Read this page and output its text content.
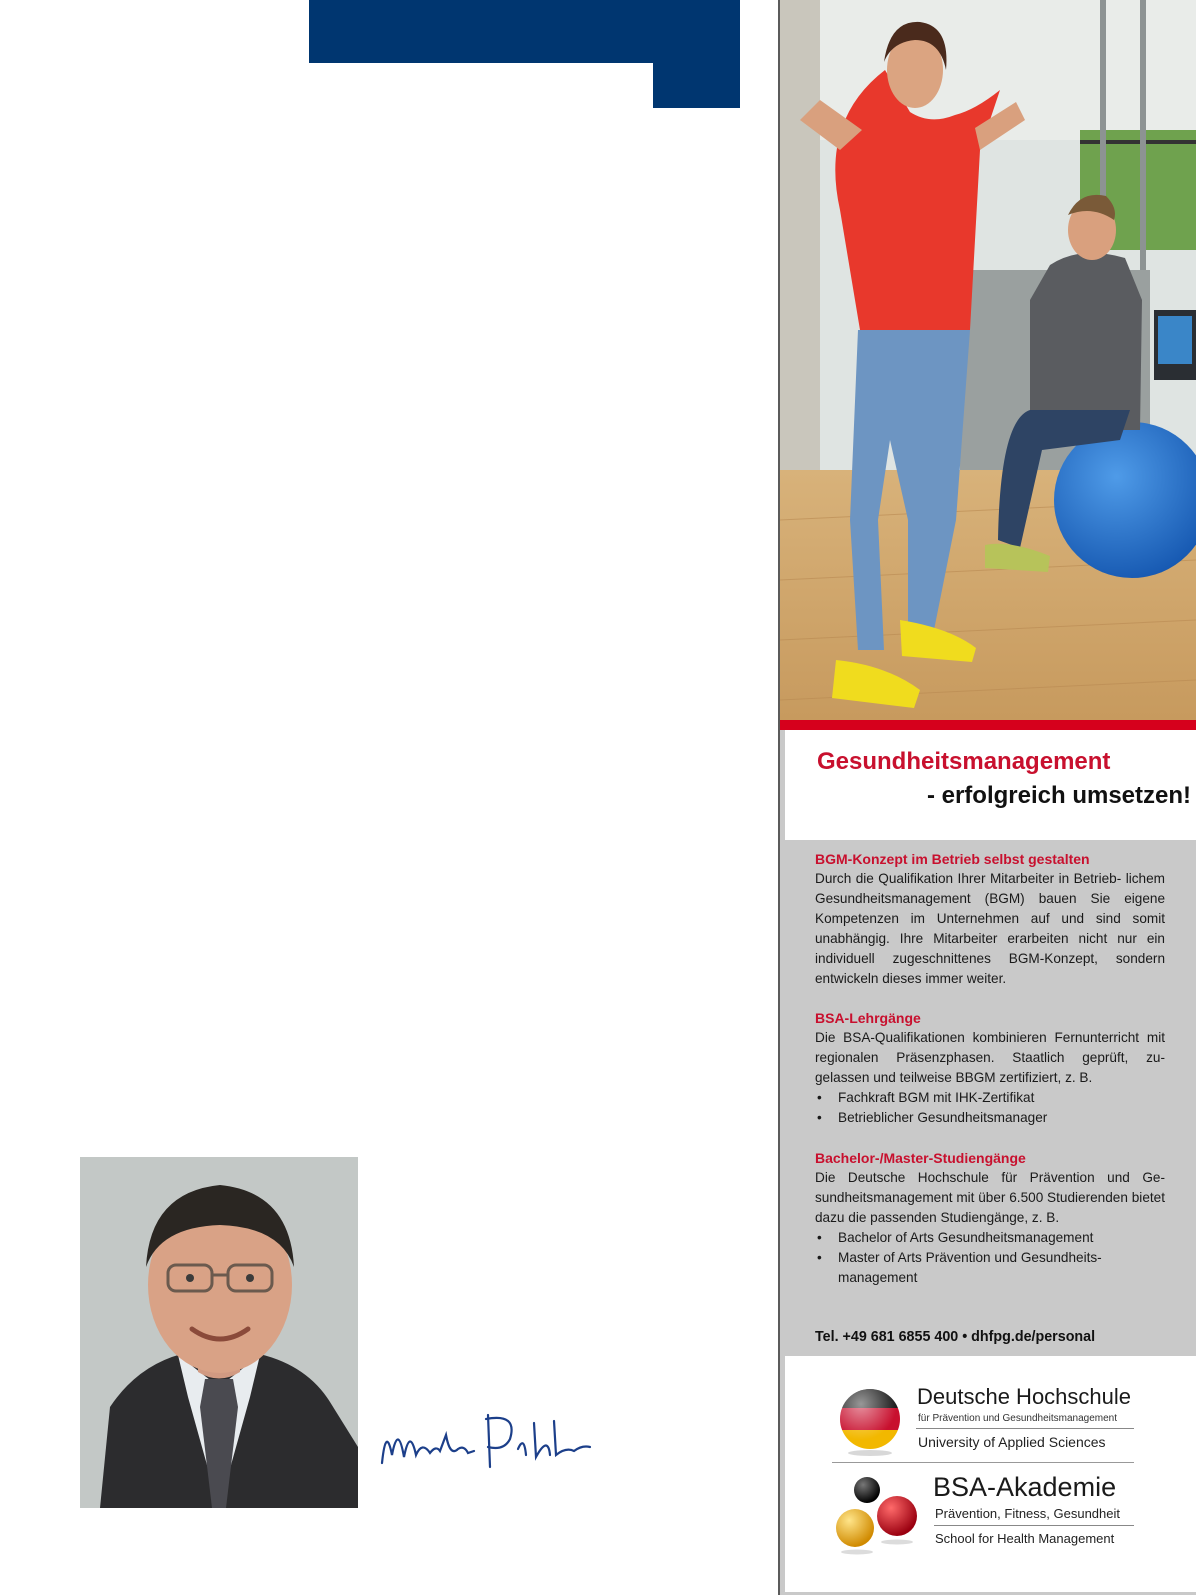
Gesundheitsmanagement
- erfolgreich umsetzen!
BGM-Konzept im Betrieb selbst gestalten

Durch die Qualifikation Ihrer Mitarbeiter in Betrieb- lichem Gesundheitsmanagement (BGM) bauen Sie eigene Kompetenzen im Unternehmen auf und sind somit unabhängig. Ihre Mitarbeiter erarbeiten nicht nur ein individuell zugeschnittenes BGM-Konzept, sondern entwickeln dieses immer weiter.

BSA-Lehrgänge

Die BSA-Qualifikationen kombinieren Fernunterricht mit regionalen Präsenzphasen. Staatlich geprüft, zu- gelassen und teilweise BBGM zertifiziert, z. B.

• Fachkraft BGM mit IHK-Zertifikat
• Betrieblicher Gesundheitsmanager
Bachelor-/Master-Studiengänge

Die Deutsche Hochschule für Prävention und Ge- sundheitsmanagement mit über 6.500 Studierenden bietet dazu die passenden Studiengänge, z. B.

• Bachelor of Arts Gesundheitsmanagement
• Master of Arts Prävention und Gesundheits-
management
Tel. +49 681 6855 400 • dhfpg.de/personal
Deutsche Hochschule
für Prävention und Gesundheitsmanagement
University of Applied Sciences
BSA-Akademie
Prävention, Fitness, Gesundheit
School for Health Management
